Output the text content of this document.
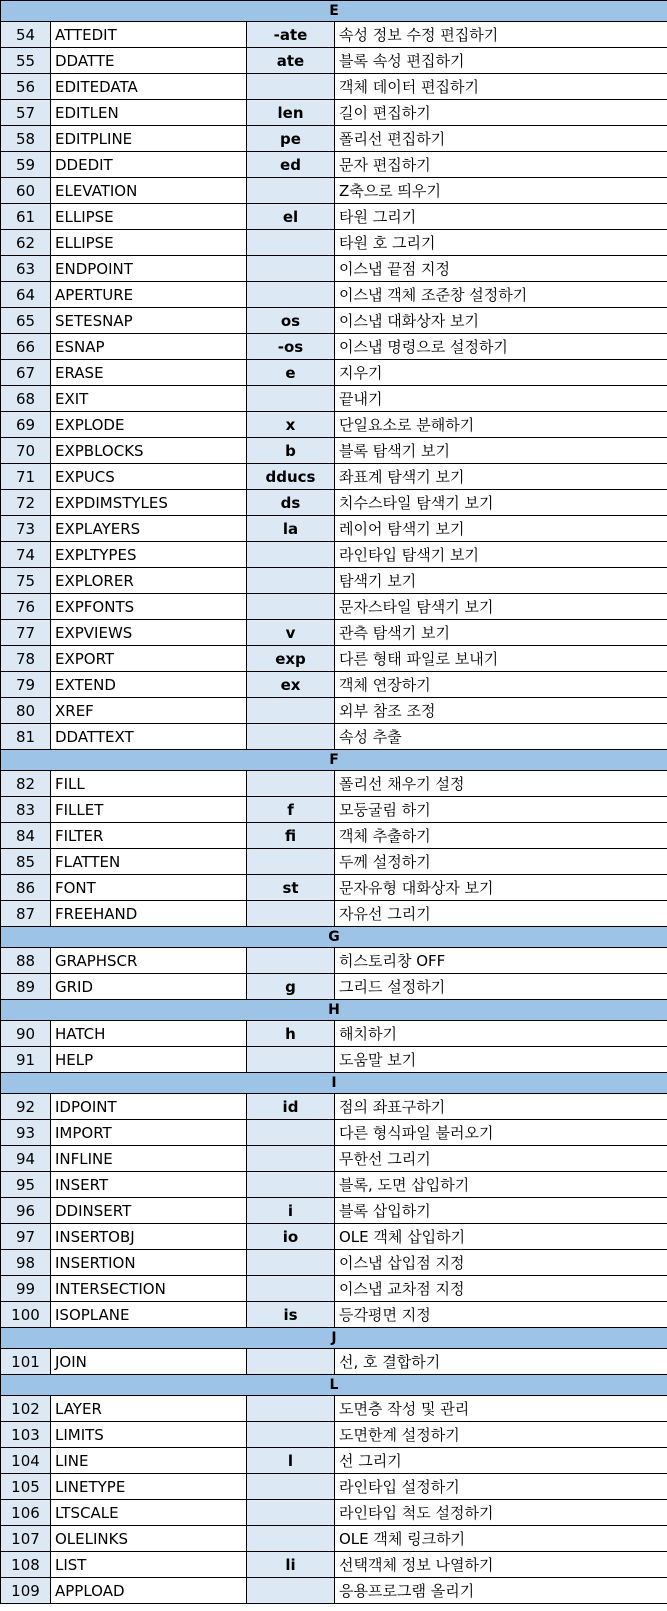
E			
54	ATTEDIT	-ate	속성 정보 수정 편집하기
55	DDATTE	ate	블록 속성 편집하기
56	EDITEDATA		객체 데이터 편집하기
57	EDITLEN	len	길이 편집하기
58	EDITPLINE	pe	폴리선 편집하기
59	DDEDIT	ed	문자 편집하기
60	ELEVATION		Z축으로 띄우기
61	ELLIPSE	el	타원 그리기
62	ELLIPSE		타원 호 그리기
63	ENDPOINT		이스냅 끝점 지정
64	APERTURE		이스냅 객체 조준창 설정하기
65	SETESNAP	os	이스냅 대화상자 보기
66	ESNAP	-os	이스냅 명령으로 설정하기
67	ERASE	e	지우기
68	EXIT		끝내기
69	EXPLODE	x	단일요소로 분해하기
70	EXPBLOCKS	b	블록 탐색기 보기
71	EXPUCS	dducs	좌표계 탐색기 보기
72	EXPDIMSTYLES	ds	치수스타일 탐색기 보기
73	EXPLAYERS	la	레이어 탐색기 보기
74	EXPLTYPES		라인타입 탐색기 보기
75	EXPLORER		탐색기 보기
76	EXPFONTS		문자스타일 탐색기 보기
77	EXPVIEWS	v	관측 탐색기 보기
78	EXPORT	exp	다른 형태 파일로 보내기
79	EXTEND	ex	객체 연장하기
80	XREF		외부 참조 조정
81	DDATTEXT		속성 추출
F			
82	FILL		폴리선 채우기 설정
83	FILLET	f	모둥굴림 하기
84	FILTER	fi	객체 추출하기
85	FLATTEN		두께 설정하기
86	FONT	st	문자유형 대화상자 보기
87	FREEHAND		자유선 그리기
G			
88	GRAPHSCR		히스토리창 OFF
89	GRID	g	그리드 설정하기
H			
90	HATCH	h	해치하기
91	HELP		도움말 보기
I			
92	IDPOINT	id	점의 좌표구하기
93	IMPORT		다른 형식파일 불러오기
94	INFLINE		무한선 그리기
95	INSERT		블록, 도면 삽입하기
96	DDINSERT	i	블록 삽입하기
97	INSERTOBJ	io	OLE 객체 삽입하기
98	INSERTION		이스냅 삽입점 지정
99	INTERSECTION		이스냅 교차점 지정
100	ISOPLANE	is	등각평면 지정
J			
101	JOIN		선, 호 결합하기
L			
102	LAYER		도면층 작성 및 관리
103	LIMITS		도면한계 설정하기
104	LINE	l	선 그리기
105	LINETYPE		라인타입 설정하기
106	LTSCALE		라인타입 척도 설정하기
107	OLELINKS		OLE 객체 링크하기
108	LIST	li	선택객체 정보 나열하기
109	APPLOAD		응용프로그램 올리기
